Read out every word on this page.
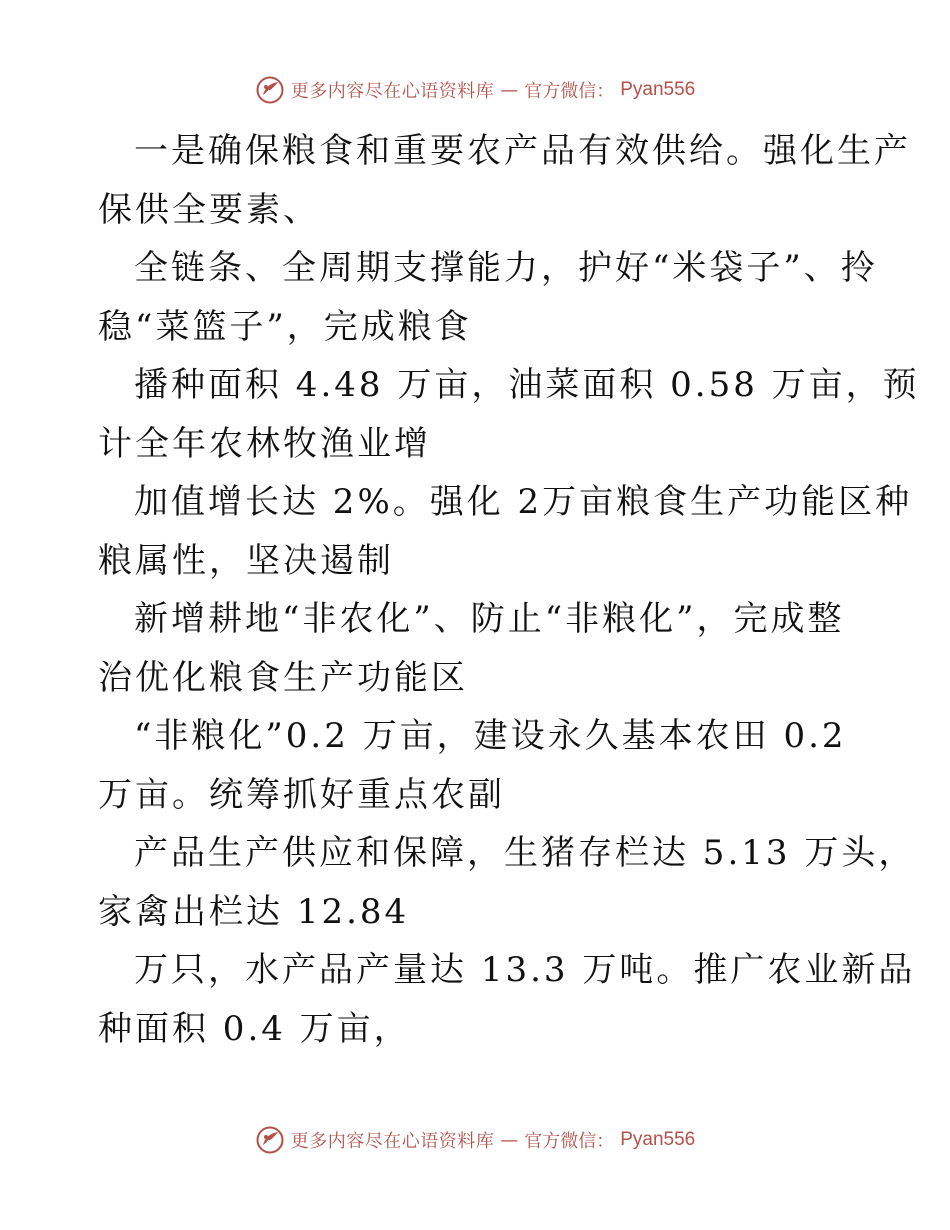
更多内容尽在心语资料库 — 官方微信： Pyan556
一是确保粮食和重要农产品有效供给。强化生产
保供全要素、
全链条、全周期支撑能力，护好“米袋子”、拎
稳“菜篮子”，完成粮食
播种面积 4.48 万亩，油菜面积 0.58 万亩，预
计全年农林牧渔业增
加值增长达 2%。强化 2万亩粮食生产功能区种
粮属性，坚决遏制
新增耕地“非农化”、防止“非粮化”，完成整
治优化粮食生产功能区
“非粮化”0.2 万亩，建设永久基本农田 0.2
万亩。统筹抓好重点农副
产品生产供应和保障，生猪存栏达 5.13 万头，
家禽出栏达 12.84
万只，水产品产量达 13.3 万吨。推广农业新品
种面积 0.4 万亩，
更多内容尽在心语资料库 — 官方微信： Pyan556
